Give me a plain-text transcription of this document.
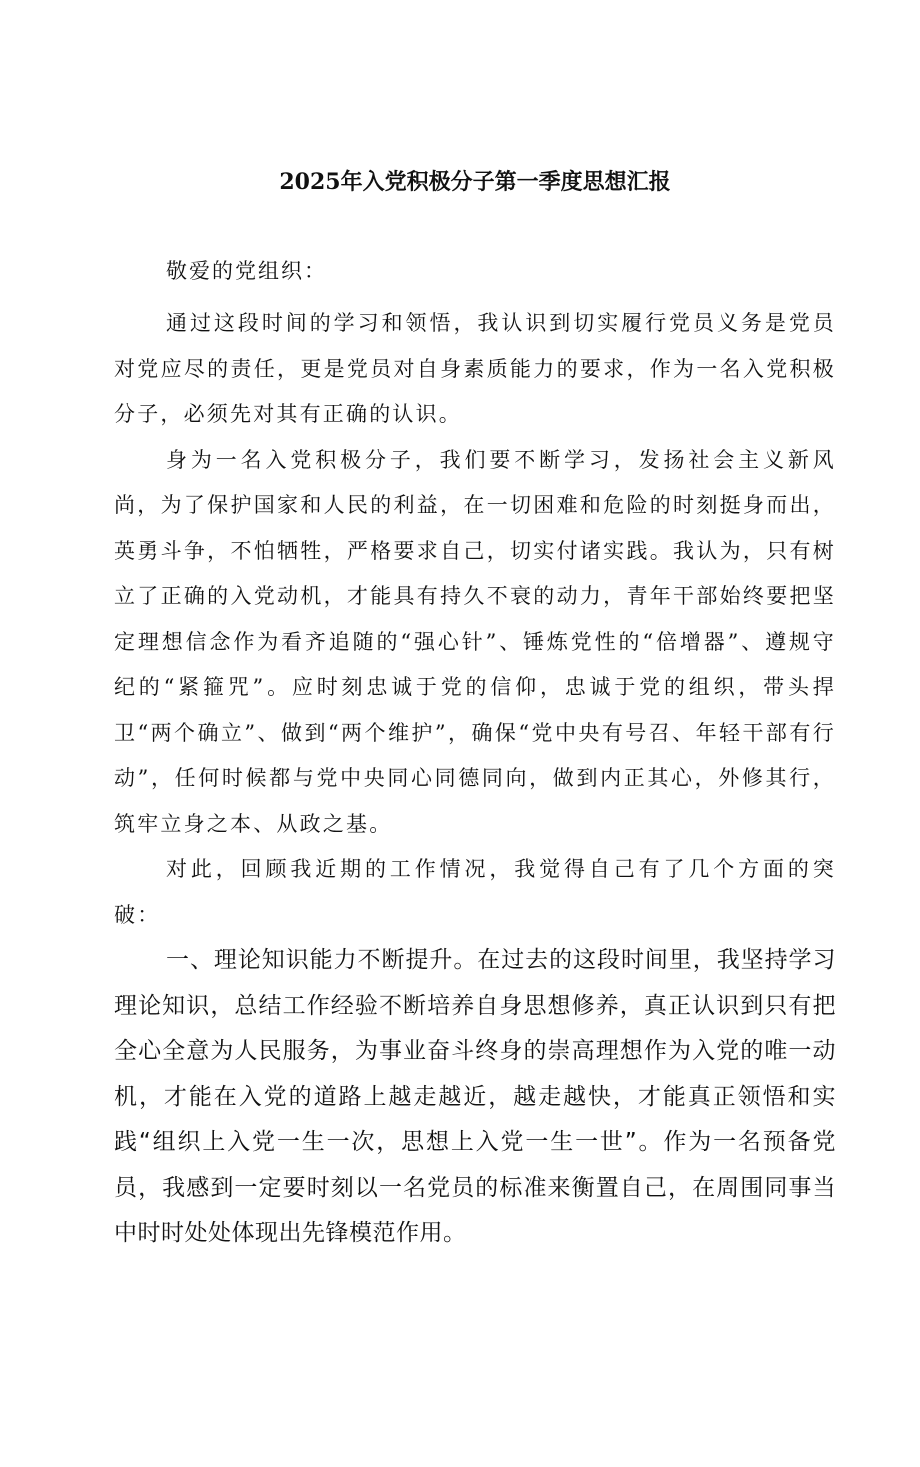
2025年入党积极分子第一季度思想汇报

敬爱的党组织：

通过这段时间的学习和领悟，我认识到切实履行党员义务是党员对党应尽的责任，更是党员对自身素质能力的要求，作为一名入党积极分子，必须先对其有正确的认识。

身为一名入党积极分子，我们要不断学习，发扬社会主义新风尚，为了保护国家和人民的利益，在一切困难和危险的时刻挺身而出，英勇斗争，不怕牺牲，严格要求自己，切实付诸实践。我认为，只有树立了正确的入党动机，才能具有持久不衰的动力，青年干部始终要把坚定理想信念作为看齐追随的“强心针”、锤炼党性的“倍增器”、遵规守纪的“紧箍咒”。应时刻忠诚于党的信仰，忠诚于党的组织，带头捍卫“两个确立”、做到“两个维护”，确保“党中央有号召、年轻干部有行动”，任何时候都与党中央同心同德同向，做到内正其心，外修其行，筑牢立身之本、从政之基。

对此，回顾我近期的工作情况，我觉得自己有了几个方面的突破：

一、理论知识能力不断提升。在过去的这段时间里，我坚持学习理论知识，总结工作经验不断培养自身思想修养，真正认识到只有把全心全意为人民服务，为事业奋斗终身的崇高理想作为入党的唯一动机，才能在入党的道路上越走越近，越走越快，才能真正领悟和实践“组织上入党一生一次，思想上入党一生一世”。作为一名预备党员，我感到一定要时刻以一名党员的标准来衡置自己，在周围同事当中时时处处体现出先锋模范作用。
